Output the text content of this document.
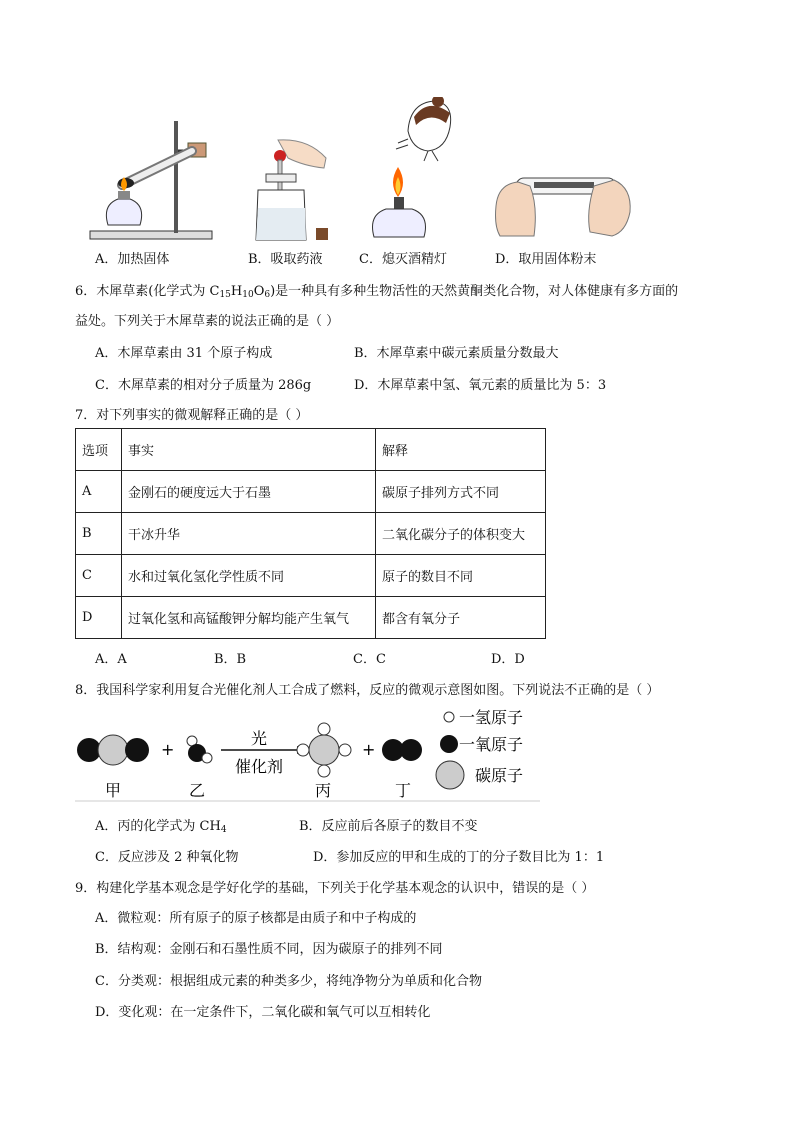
A．加热固体	B．吸取药液	C．熄灭酒精灯	D．取用固体粉末
6．木犀草素(化学式为 $C_{15}H_{10}O_6$)是一种具有多种生物活性的天然黄酮类化合物，对人体健康有多方面的
益处。下列关于木犀草素的说法正确的是（ ）
A．木犀草素由 31 个原子构成	B．木犀草素中碳元素质量分数最大
C．木犀草素的相对分子质量为 286g	D．木犀草素中氢、氧元素的质量比为 5：3
7．对下列事实的微观解释正确的是（ ）
选项	事实	解释
A	金刚石的硬度远大于石墨	碳原子排列方式不同
B	干冰升华	二氧化碳分子的体积变大
C	水和过氧化氢化学性质不同	原子的数目不同
D	过氧化氢和高锰酸钾分解均能产生氧气	都含有氧分子
A．A	B．B	C．C	D．D
8．我国科学家利用复合光催化剂人工合成了燃料，反应的微观示意图如图。下列说法不正确的是（ ）
+
光
催化剂
+
甲	乙	丙	丁
一氢原子
一氧原子
碳原子
A．丙的化学式为 $CH_4$	B．反应前后各原子的数目不变
C．反应涉及 2 种氧化物	D．参加反应的甲和生成的丁的分子数目比为 1：1
9．构建化学基本观念是学好化学的基础，下列关于化学基本观念的认识中，错误的是（ ）
A．微粒观：所有原子的原子核都是由质子和中子构成的
B．结构观：金刚石和石墨性质不同，因为碳原子的排列不同
C．分类观：根据组成元素的种类多少，将纯净物分为单质和化合物
D．变化观：在一定条件下，二氧化碳和氧气可以互相转化
